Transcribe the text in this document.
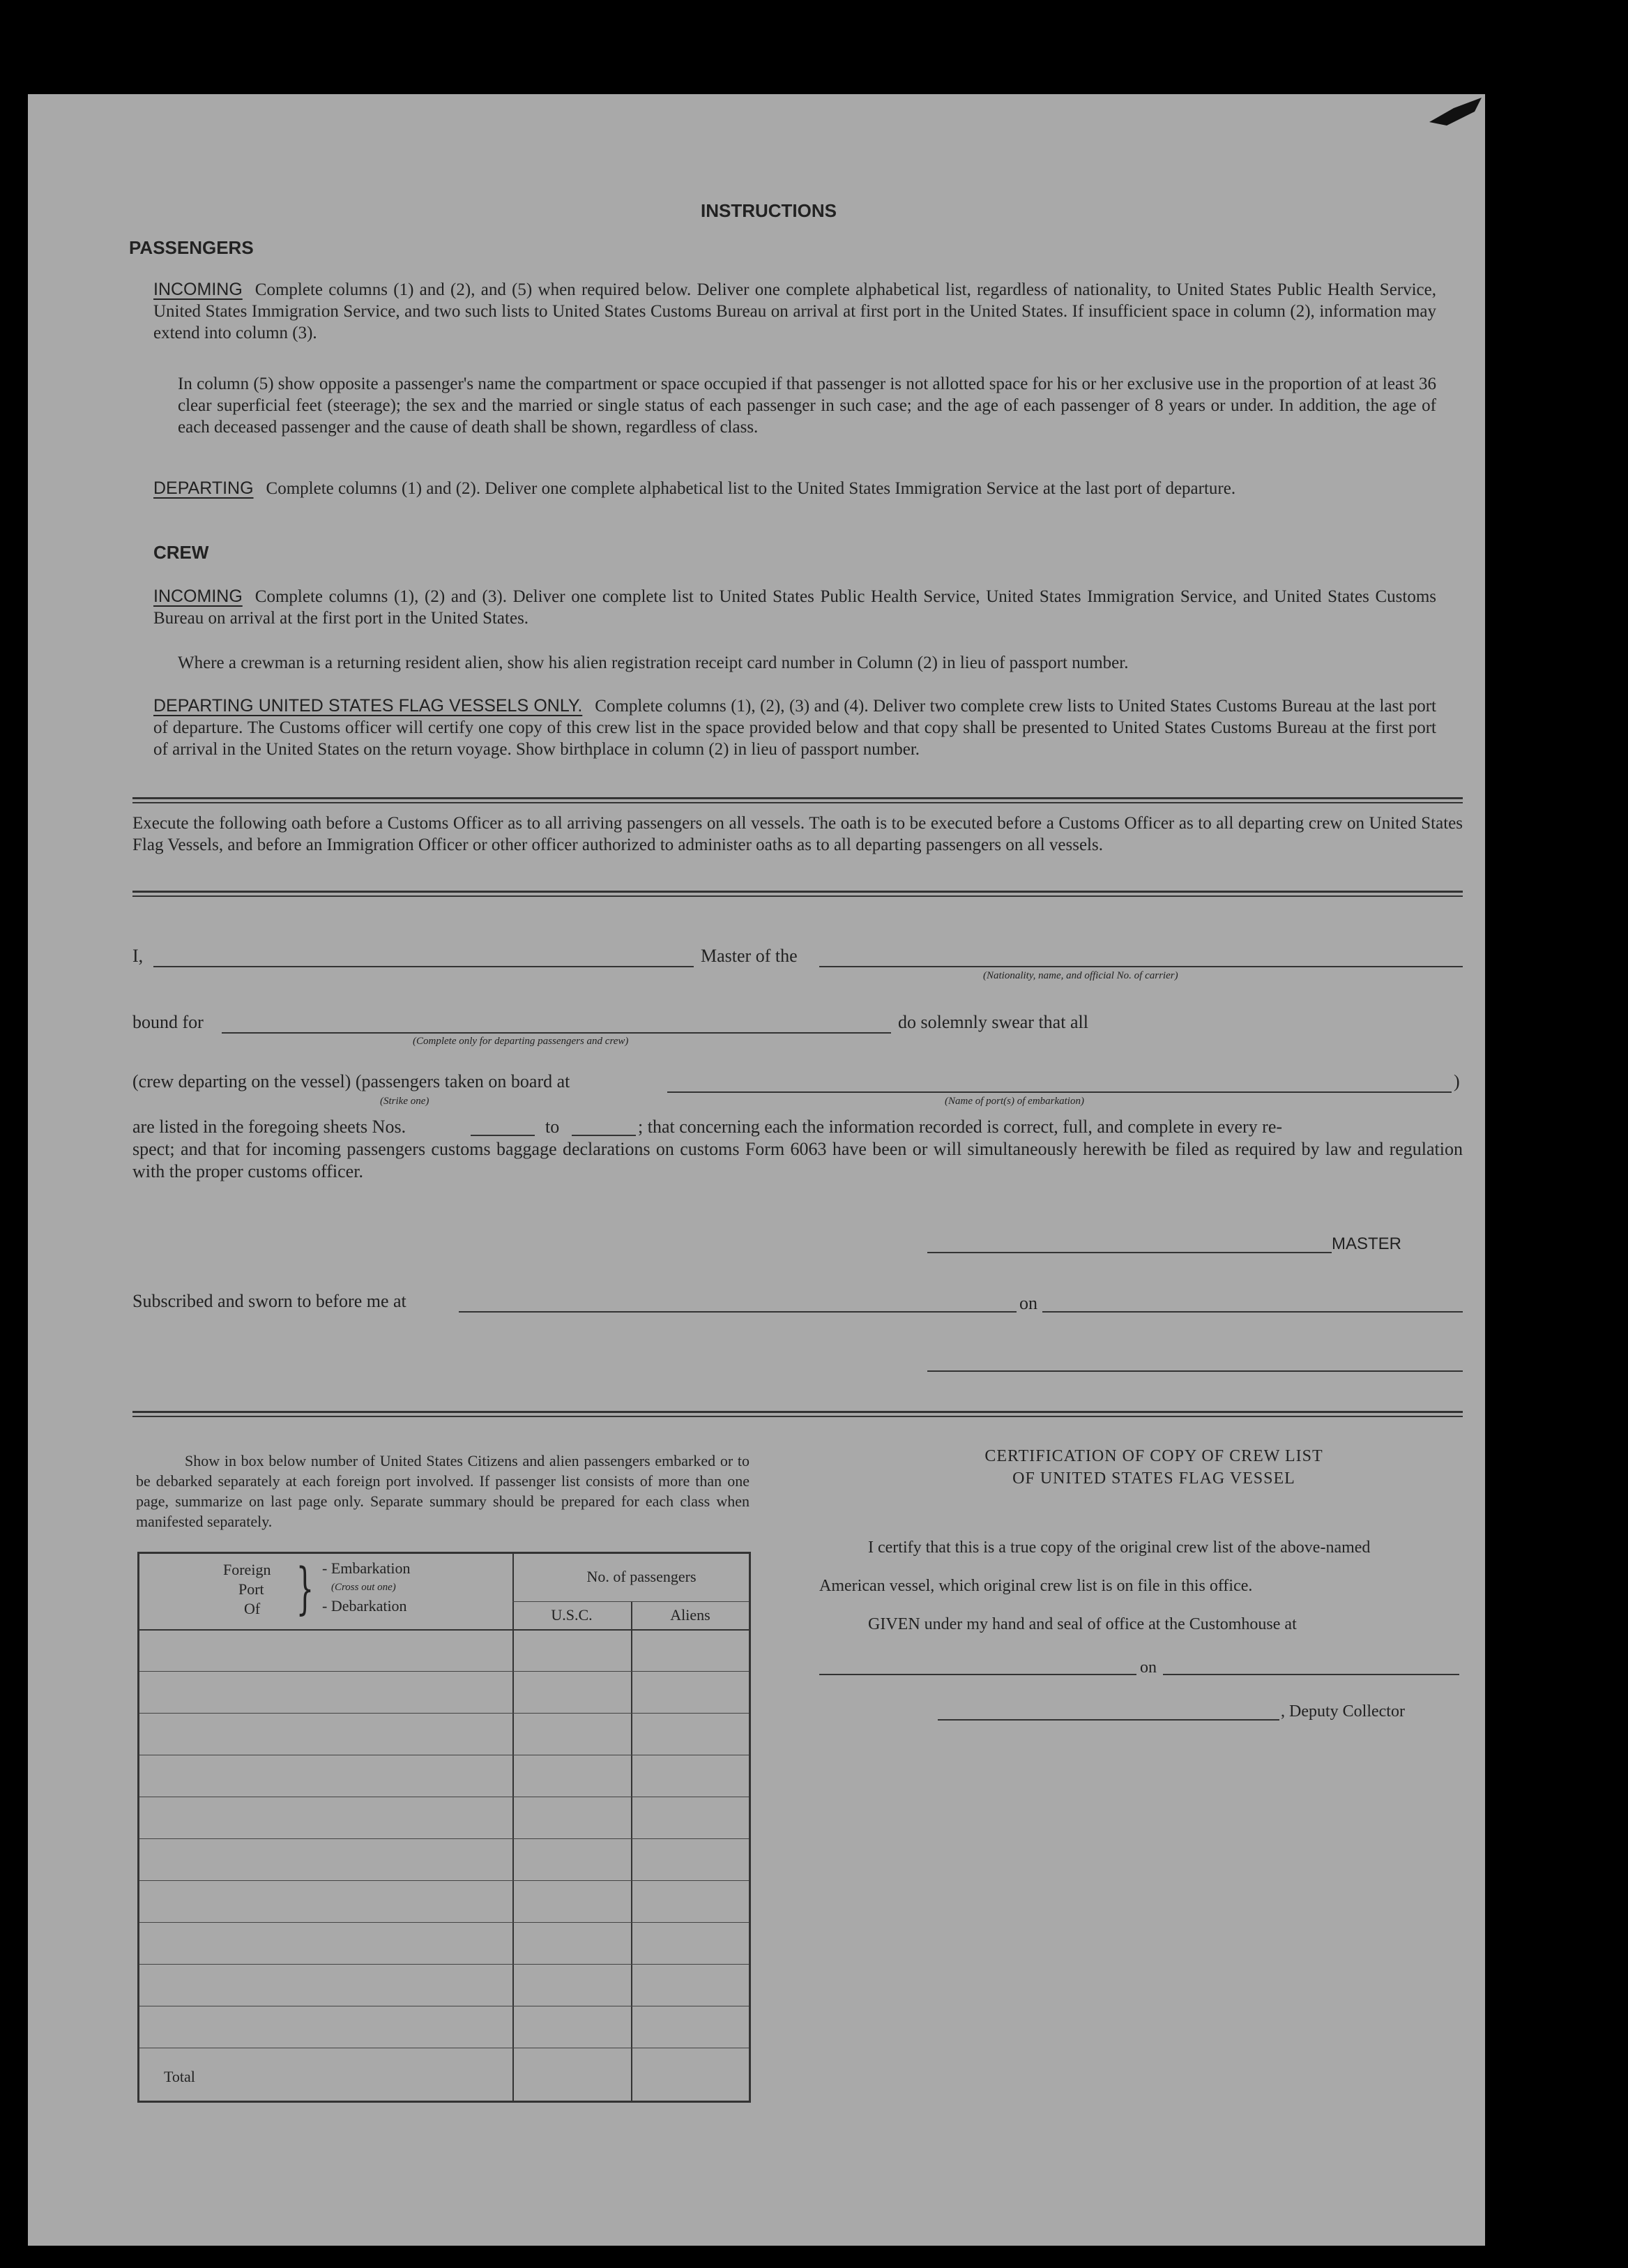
INSTRUCTIONS
PASSENGERS
INCOMING Complete columns (1) and (2), and (5) when required below. Deliver one complete alphabetical list, regardless of nationality, to United States Public Health Service, United States Immigration Service, and two such lists to United States Customs Bureau on arrival at first port in the United States. If insufficient space in column (2), information may extend into column (3).
In column (5) show opposite a passenger's name the compartment or space occupied if that passenger is not allotted space for his or her exclusive use in the proportion of at least 36 clear superficial feet (steerage); the sex and the married or single status of each passenger in such case; and the age of each passenger of 8 years or under. In addition, the age of each deceased passenger and the cause of death shall be shown, regardless of class.
DEPARTING Complete columns (1) and (2). Deliver one complete alphabetical list to the United States Immigration Service at the last port of departure.
CREW
INCOMING Complete columns (1), (2) and (3). Deliver one complete list to United States Public Health Service, United States Immigration Service, and United States Customs Bureau on arrival at the first port in the United States.
Where a crewman is a returning resident alien, show his alien registration receipt card number in Column (2) in lieu of passport number.
DEPARTING UNITED STATES FLAG VESSELS ONLY. Complete columns (1), (2), (3) and (4). Deliver two complete crew lists to United States Customs Bureau at the last port of departure. The Customs officer will certify one copy of this crew list in the space provided below and that copy shall be presented to United States Customs Bureau at the first port of arrival in the United States on the return voyage. Show birthplace in column (2) in lieu of passport number.
Execute the following oath before a Customs Officer as to all arriving passengers on all vessels. The oath is to be executed before a Customs Officer as to all departing crew on United States Flag Vessels, and before an Immigration Officer or other officer authorized to administer oaths as to all departing passengers on all vessels.
I,	Master of the
(Nationality, name, and official No. of carrier)
bound for
(Complete only for departing passengers and crew)
do solemnly swear that all
(crew departing on the vessel) (passengers taken on board at	)
(Strike one)	(Name of port(s) of embarkation)
are listed in the foregoing sheets Nos.	to	; that concerning each the information recorded is correct, full, and complete in every re-
spect; and that for incoming passengers customs baggage declarations on customs Form 6063 have been or will simultaneously herewith be filed as required by law and regulation with the proper customs officer.
MASTER
Subscribed and sworn to before me at	on
Show in box below number of United States Citizens and alien passengers embarked or to be debarked separately at each foreign port involved. If passenger list consists of more than one page, summarize on last page only. Separate summary should be prepared for each class when manifested separately.
Foreign
Port
Of } - Embarkation
(Cross out one)
- Debarkation
No. of passengers
U.S.C.	Aliens
Total
CERTIFICATION OF COPY OF CREW LIST
OF UNITED STATES FLAG VESSEL
I certify that this is a true copy of the original crew list of the above-named
American vessel, which original crew list is on file in this office.
GIVEN under my hand and seal of office at the Customhouse at
on
, Deputy Collector
